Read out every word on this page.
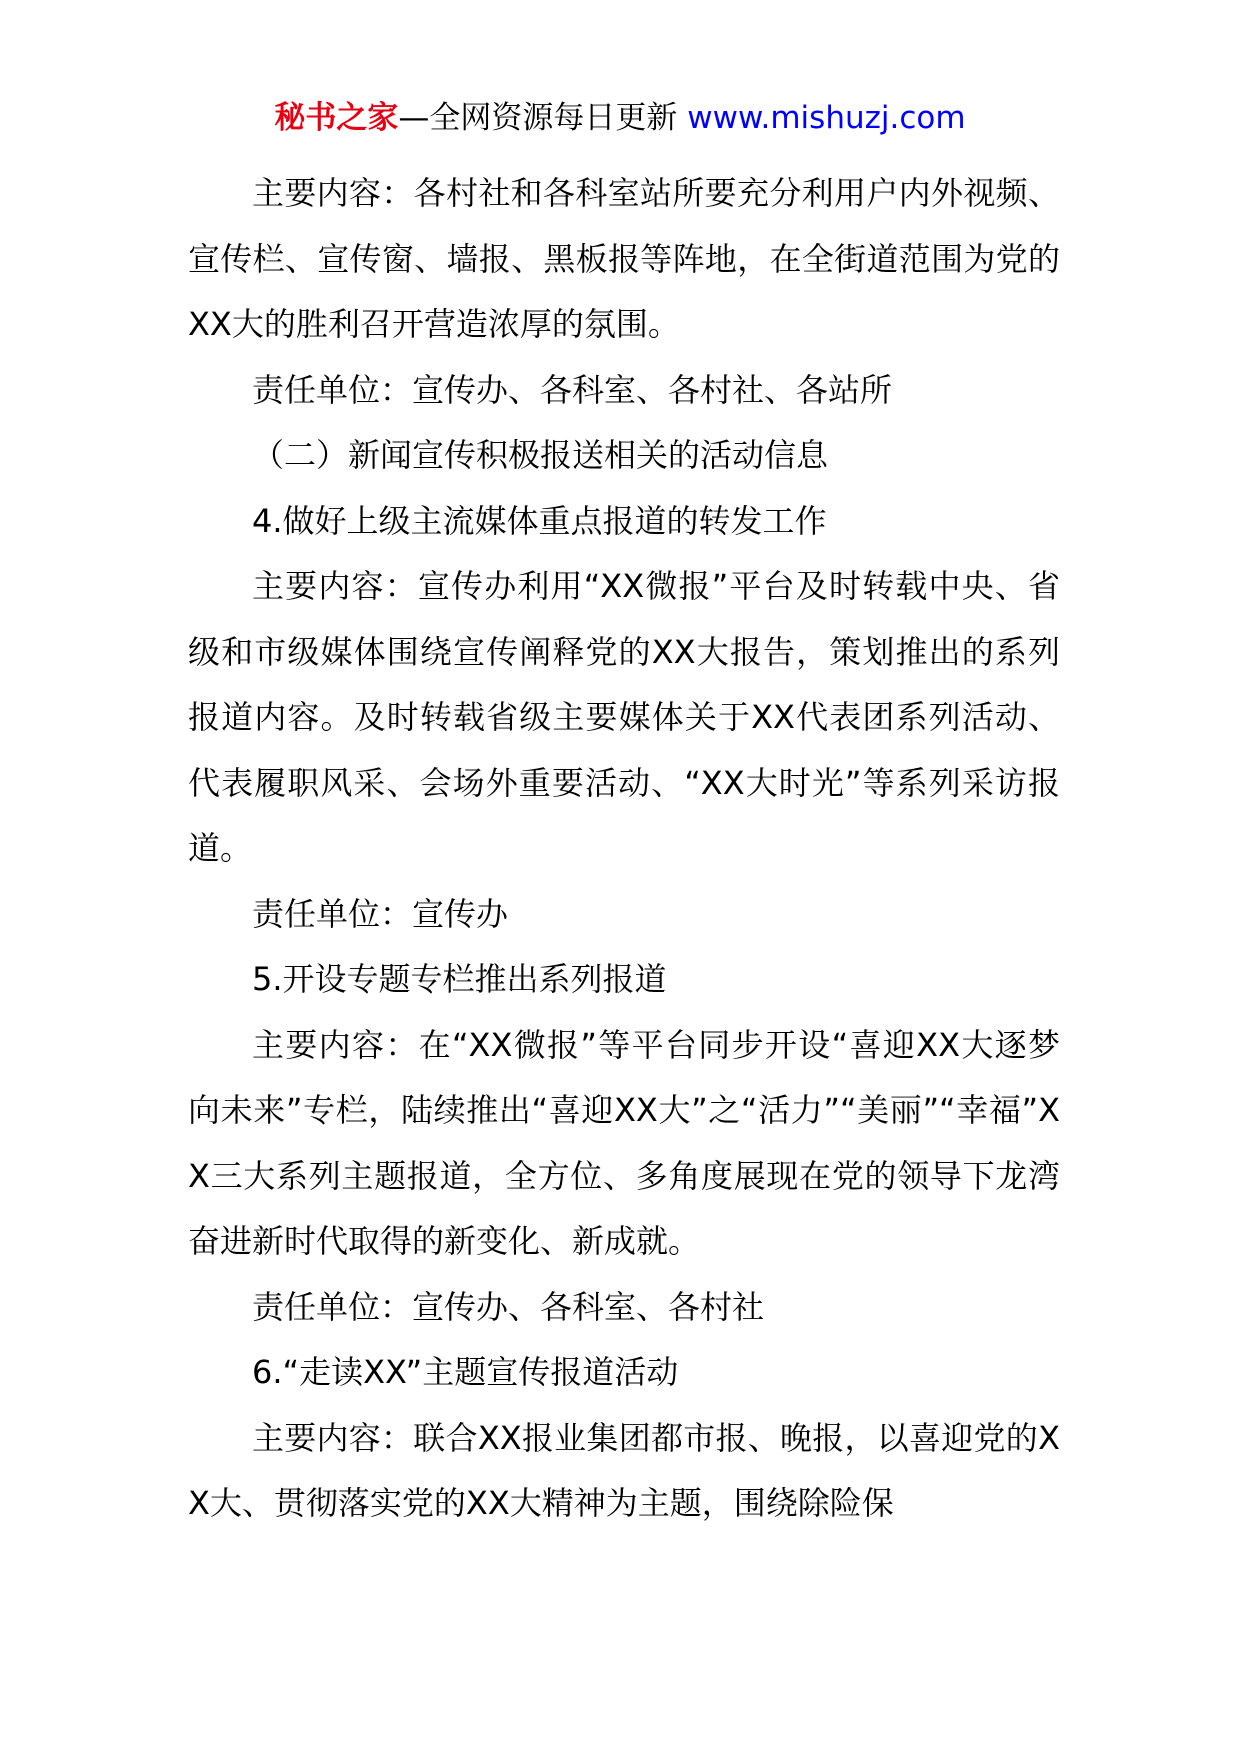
秘书之家—全网资源每日更新 www.mishuzj.com

主要内容：各村社和各科室站所要充分利用户内外视频、宣传栏、宣传窗、墙报、黑板报等阵地，在全街道范围为党的XX大的胜利召开营造浓厚的氛围。

责任单位：宣传办、各科室、各村社、各站所

（二）新闻宣传积极报送相关的活动信息

4.做好上级主流媒体重点报道的转发工作

主要内容：宣传办利用“XX微报”平台及时转载中央、省级和市级媒体围绕宣传阐释党的XX大报告，策划推出的系列报道内容。及时转载省级主要媒体关于XX代表团系列活动、代表履职风采、会场外重要活动、“XX大时光”等系列采访报道。

责任单位：宣传办

5.开设专题专栏推出系列报道

主要内容：在“XX微报”等平台同步开设“喜迎XX大逐梦向未来”专栏，陆续推出“喜迎XX大”之“活力”“美丽”“幸福”XX三大系列主题报道，全方位、多角度展现在党的领导下龙湾奋进新时代取得的新变化、新成就。

责任单位：宣传办、各科室、各村社

6.“走读XX”主题宣传报道活动

主要内容：联合XX报业集团都市报、晚报，以喜迎党的XX大、贯彻落实党的XX大精神为主题，围绕除险保
